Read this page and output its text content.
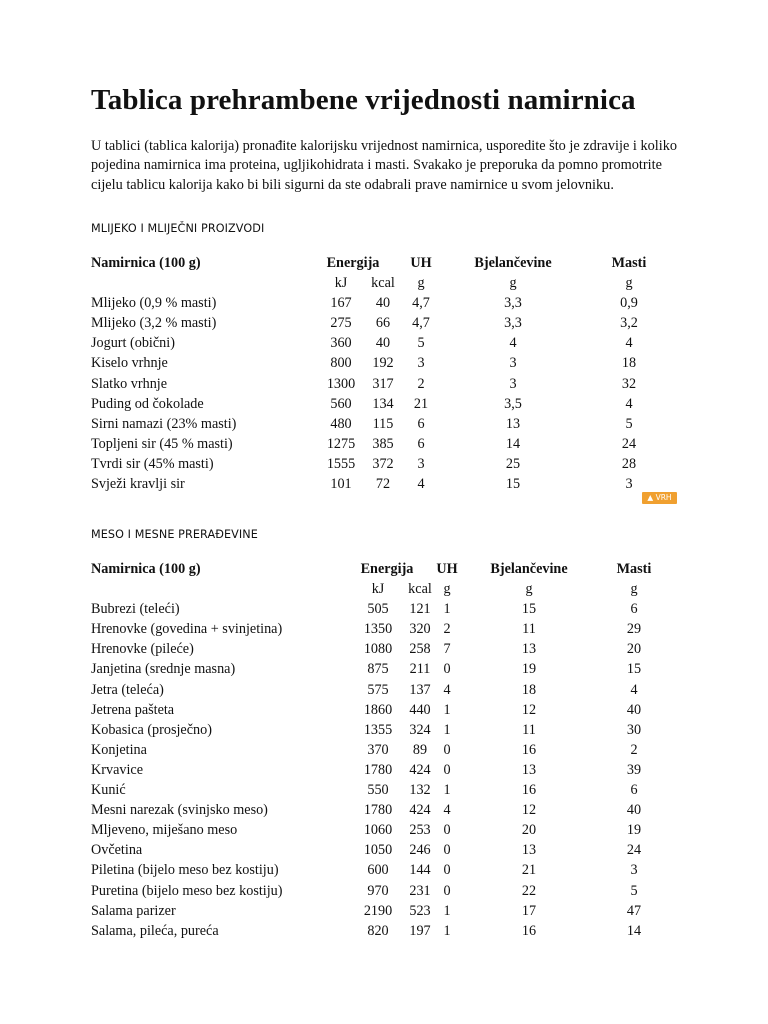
Tablica prehrambene vrijednosti namirnica

U tablici (tablica kalorija) pronađite kalorijsku vrijednost namirnica, usporedite što je zdravije i koliko pojedina namirnica ima proteina, ugljikohidrata i masti. Svakako je preporuka da pomno promotrite cijelu tablicu kalorija kako bi bili sigurni da ste odabrali prave namirnice u svom jelovniku.

MLIJEKO I MLIJEČNI PROIZVODI
Namirnica (100 g)	Energija UH	Bjelančevine	Masti
kJ kcal g	g	g
Mlijeko (0,9 % masti)	167 40 4,7	3,3	0,9
Mlijeko (3,2 % masti)	275 66 4,7	3,3	3,2
Jogurt (obični)	360 40 5	4	4
Kiselo vrhnje	800 192 3	3	18
Slatko vrhnje	1300 317 2	3	32
Puding od čokolade	560 134 21	3,5	4
Sirni namazi (23% masti)	480 115 6	13	5
Topljeni sir (45 % masti)	1275 385 6	14	24
Tvrdi sir (45% masti)	1555 372 3	25	28
Svježi kravlji sir	101 72 4	15	3
▲ VRH
MESO I MESNE PRERAĐEVINE
Namirnica (100 g)	Energija UH Bjelančevine	Masti
kJ kcal g	g	g
Bubrezi (teleći)	505 121 1	15	6
Hrenovke (govedina + svinjetina)	1350 320 2	11	29
Hrenovke (pileće)	1080 258 7	13	20
Janjetina (srednje masna)	875 211 0	19	15
Jetra (teleća)	575 137 4	18	4
Jetrena pašteta	1860 440 1	12	40
Kobasica (prosječno)	1355 324 1	11	30
Konjetina	370 89 0	16	2
Krvavice	1780 424 0	13	39
Kunić	550 132 1	16	6
Mesni narezak (svinjsko meso)	1780 424 4	12	40
Mljeveno, miješano meso	1060 253 0	20	19
Ovčetina	1050 246 0	13	24
Piletina (bijelo meso bez kostiju)	600 144 0	21	3
Puretina (bijelo meso bez kostiju)	970 231 0	22	5
Salama parizer	2190 523 1	17	47
Salama, pileća, pureća	820 197 1	16	14
